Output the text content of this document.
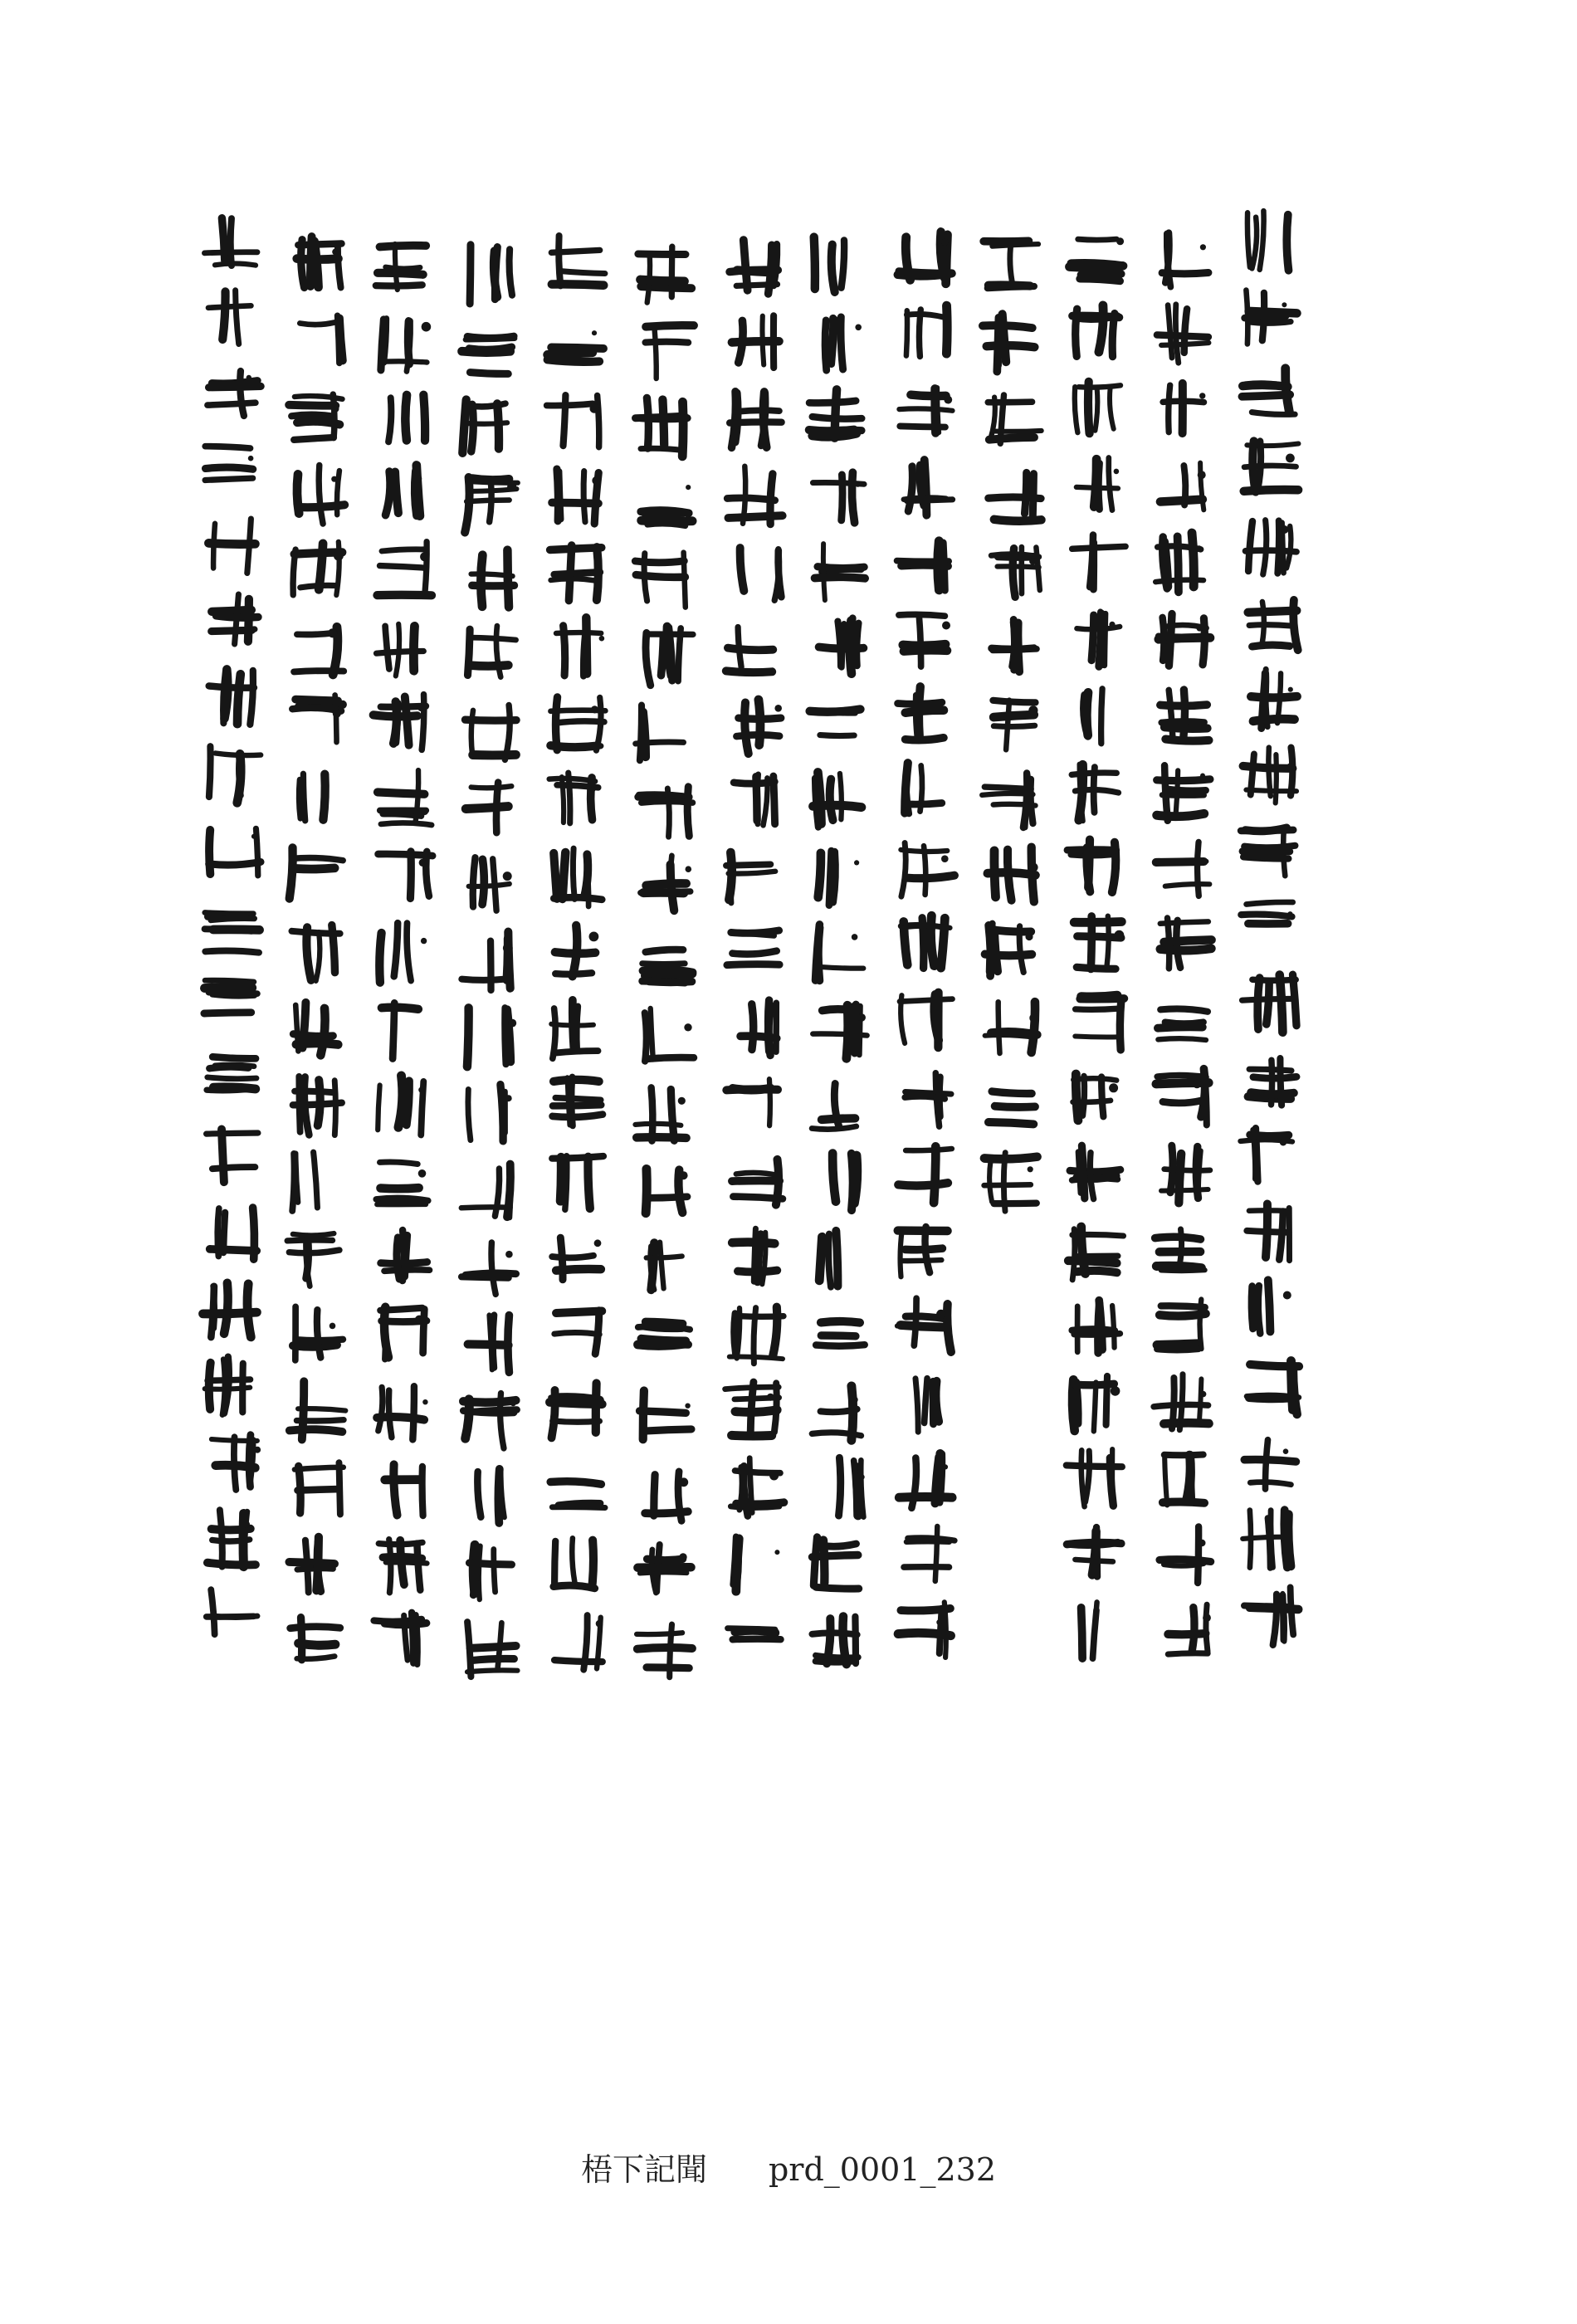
梧下記聞 prd_0001_232
